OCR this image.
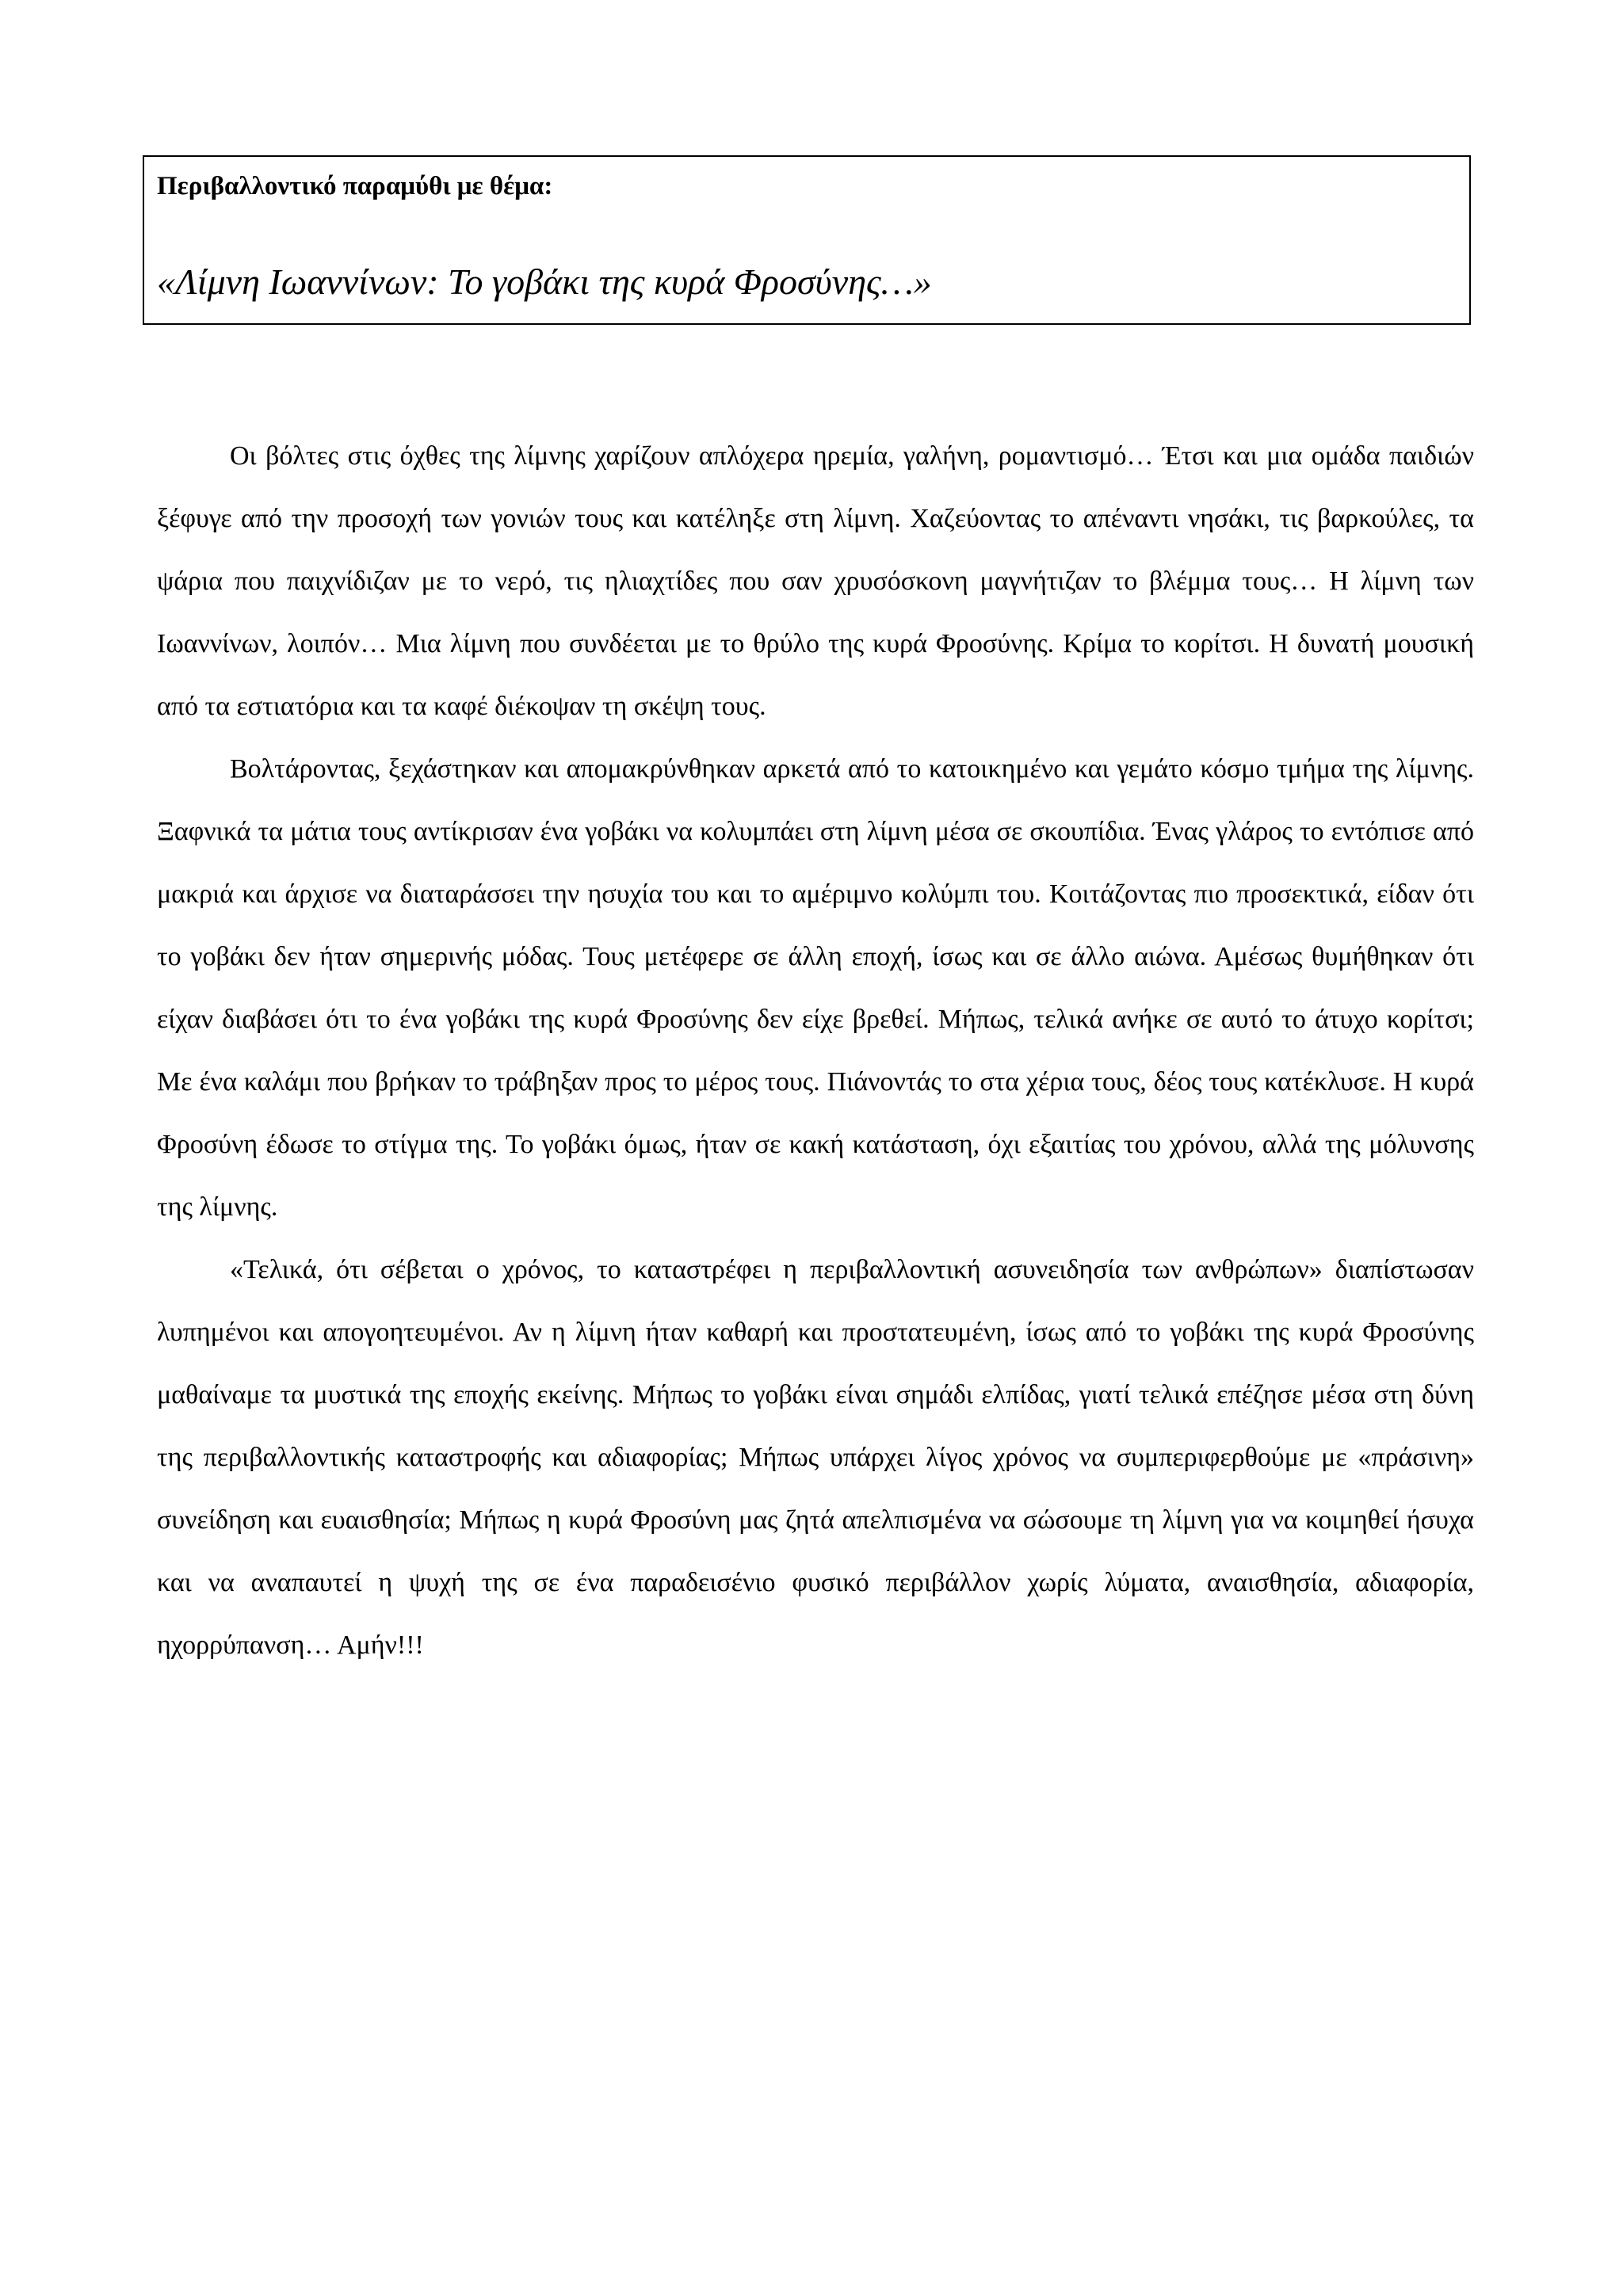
Περιβαλλοντικό παραμύθι με θέμα:
«Λίμνη Ιωαννίνων: Το γοβάκι της κυρά Φροσύνης…»

Οι βόλτες στις όχθες της λίμνης χαρίζουν απλόχερα ηρεμία, γαλήνη, ρομαντισμό… Έτσι και μια ομάδα παιδιών ξέφυγε από την προσοχή των γονιών τους και κατέληξε στη λίμνη. Χαζεύοντας το απέναντι νησάκι, τις βαρκούλες, τα ψάρια που παιχνίδιζαν με το νερό, τις ηλιαχτίδες που σαν χρυσόσκονη μαγνήτιζαν το βλέμμα τους… Η λίμνη των Ιωαννίνων, λοιπόν… Μια λίμνη που συνδέεται με το θρύλο της κυρά Φροσύνης. Κρίμα το κορίτσι. Η δυνατή μουσική από τα εστιατόρια και τα καφέ διέκοψαν τη σκέψη τους.

Βολτάροντας, ξεχάστηκαν και απομακρύνθηκαν αρκετά από το κατοικημένο και γεμάτο κόσμο τμήμα της λίμνης. Ξαφνικά τα μάτια τους αντίκρισαν ένα γοβάκι να κολυμπάει στη λίμνη μέσα σε σκουπίδια. Ένας γλάρος το εντόπισε από μακριά και άρχισε να διαταράσσει την ησυχία του και το αμέριμνο κολύμπι του. Κοιτάζοντας πιο προσεκτικά, είδαν ότι το γοβάκι δεν ήταν σημερινής μόδας. Τους μετέφερε σε άλλη εποχή, ίσως και σε άλλο αιώνα. Αμέσως θυμήθηκαν ότι είχαν διαβάσει ότι το ένα γοβάκι της κυρά Φροσύνης δεν είχε βρεθεί. Μήπως, τελικά ανήκε σε αυτό το άτυχο κορίτσι; Με ένα καλάμι που βρήκαν το τράβηξαν προς το μέρος τους. Πιάνοντάς το στα χέρια τους, δέος τους κατέκλυσε. Η κυρά Φροσύνη έδωσε το στίγμα της. Το γοβάκι όμως, ήταν σε κακή κατάσταση, όχι εξαιτίας του χρόνου, αλλά της μόλυνσης της λίμνης.

«Τελικά, ότι σέβεται ο χρόνος, το καταστρέφει η περιβαλλοντική ασυνειδησία των ανθρώπων» διαπίστωσαν λυπημένοι και απογοητευμένοι. Αν η λίμνη ήταν καθαρή και προστατευμένη, ίσως από το γοβάκι της κυρά Φροσύνης μαθαίναμε τα μυστικά της εποχής εκείνης. Μήπως το γοβάκι είναι σημάδι ελπίδας, γιατί τελικά επέζησε μέσα στη δύνη της περιβαλλοντικής καταστροφής και αδιαφορίας; Μήπως υπάρχει λίγος χρόνος να συμπεριφερθούμε με «πράσινη» συνείδηση και ευαισθησία; Μήπως η κυρά Φροσύνη μας ζητά απελπισμένα να σώσουμε τη λίμνη για να κοιμηθεί ήσυχα και να αναπαυτεί η ψυχή της σε ένα παραδεισένιο φυσικό περιβάλλον χωρίς λύματα, αναισθησία, αδιαφορία, ηχορρύπανση… Αμήν!!!
